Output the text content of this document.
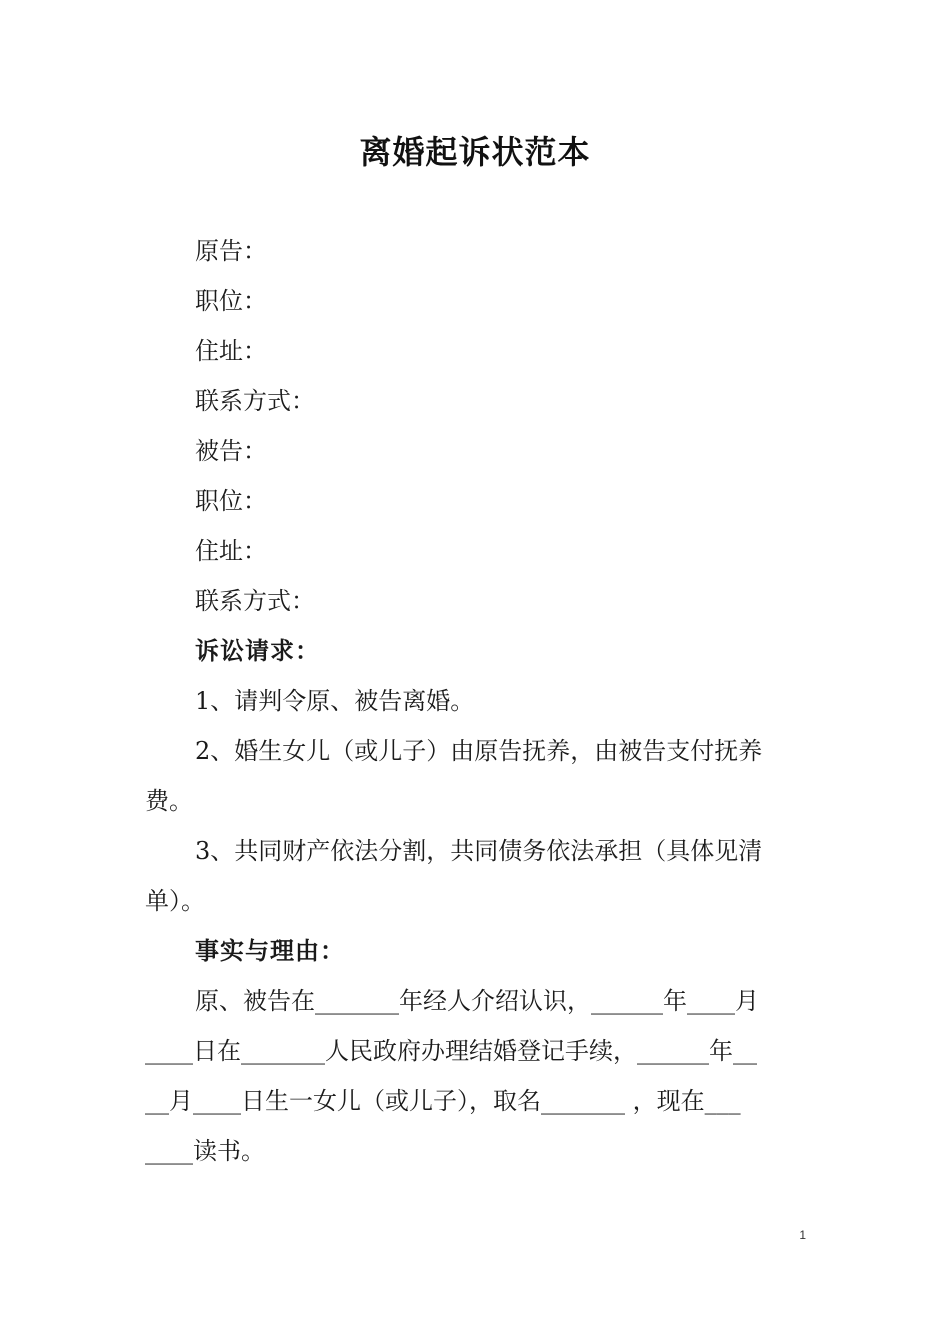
离婚起诉状范本
原告：
职位：
住址：
联系方式：
被告：
职位：
住址：
联系方式：
诉讼请求：
1、请判令原、被告离婚。
2、婚生女儿（或儿子）由原告抚养，由被告支付抚养
费。
3、共同财产依法分割，共同债务依法承担（具体见清
单）。
事实与理由：
原、被告在_______年经人介绍认识，______年____月
____日在_______人民政府办理结婚登记手续，______年__
__月____日生一女儿（或儿子），取名_______ ，现在___
____读书。
1
